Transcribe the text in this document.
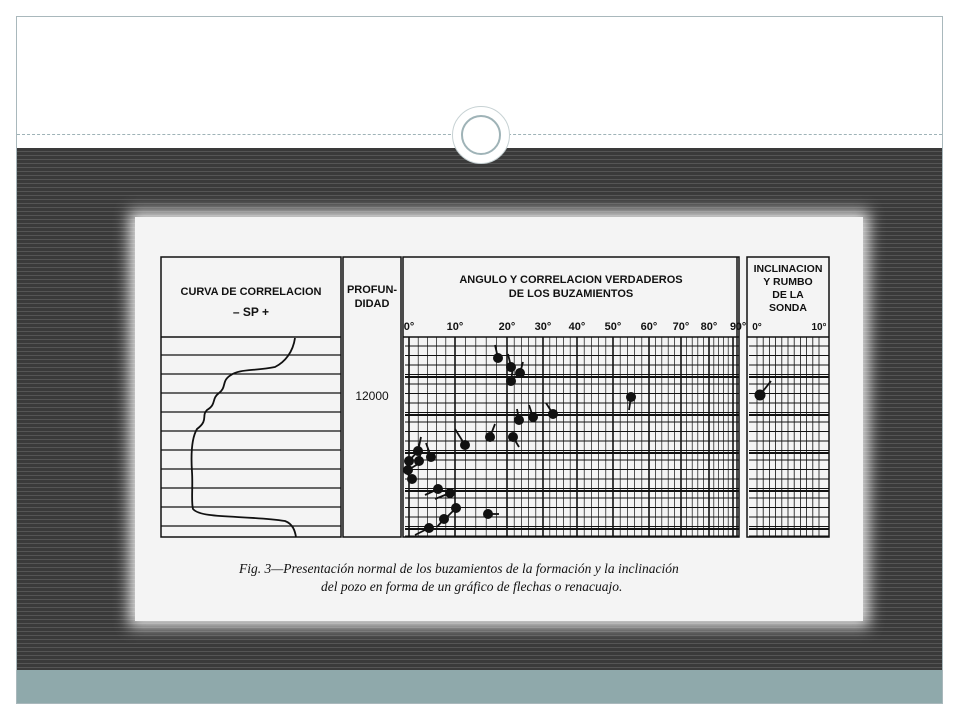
CURVA DE CORRELACION
– SP +
PROFUN-
DIDAD
12000
ANGULO Y CORRELACION VERDADEROS
DE LOS BUZAMIENTOS
0°	10°	20° 30° 40° 50° 60° 70° 80° 9 0°
INCLINACION
Y RUMBO
DE LA
SONDA
0°	10°
Fig. 3—Presentación normal de los buzamientos de la formación y la inclinación
del pozo en forma de un gráfico de flechas o renacuajo.
